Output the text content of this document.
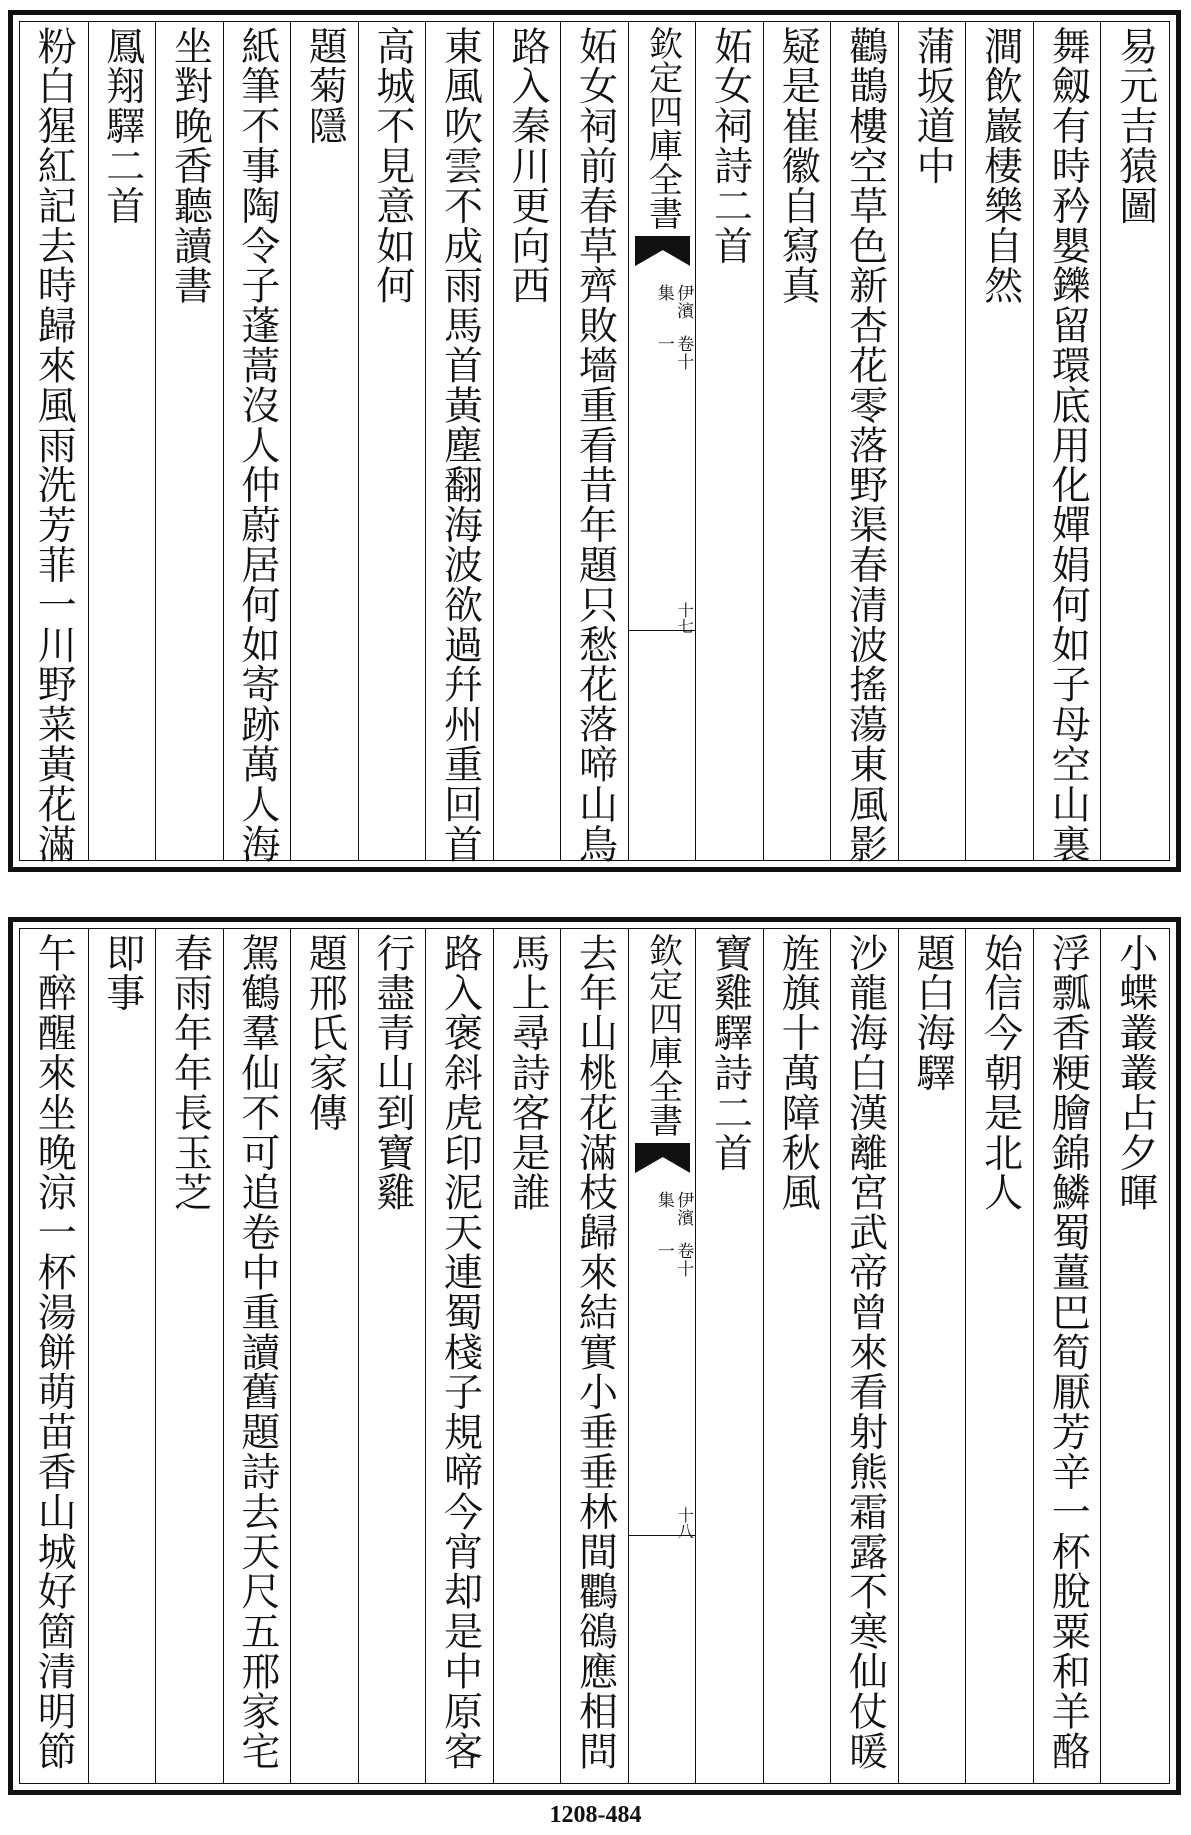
粉白猩紅記去時歸來風雨洗芳菲一川野菜黃花滿 鳳翔驛二首 坐對晚香聽讀書 紙筆不事陶令子蓬蒿沒人仲蔚居何如寄跡萬人海 題菊隱 高城不見意如何 東風吹雲不成雨馬首黃塵翻海波欲過幷州重回首 路入秦川更向西 妬女祠前春草齊敗墻重看昔年題只愁花落啼山鳥 欽定四庫全書
伊濱集
卷十一
十七
妬女祠詩二首 疑是崔徽自寫真 鸛鵲樓空草色新杏花零落野渠春清波搖蕩東風影 蒲坂道中 澗飲巖棲樂自然 舞劔有時矜嬰鑠留環底用化嬋娟何如子母空山裏 易元吉猿圖
午醉醒來坐晚涼一杯湯餅萌苗香山城好箇清明節 即事 春雨年年長玉芝 駕鶴羣仙不可追卷中重讀舊題詩去天尺五邢家宅 題邢氏家傳 行盡青山到寶雞 路入褒斜虎印泥天連蜀棧子規啼今宵却是中原客 馬上尋詩客是誰 去年山桃花滿枝歸來結實小垂垂林間鸜鵒應相問 欽定四庫全書
伊濱集
卷十一
十八
寶雞驛詩二首 旌旗十萬障秋風 沙龍海白漢離宮武帝曾來看射熊霜露不寒仙仗暖 題白海驛 始信今朝是北人 浮瓢香粳膾錦鱗蜀薑巴筍厭芳辛一杯脫粟和羊酪 小蝶叢叢占夕暉
1208-484
